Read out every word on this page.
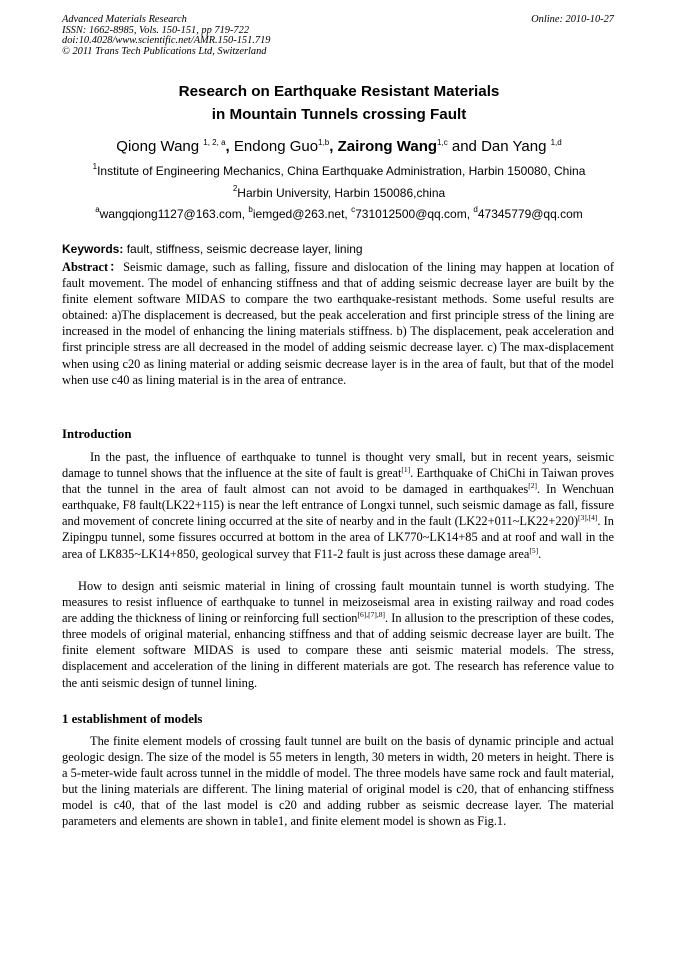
Advanced Materials Research
ISSN: 1662-8985, Vols. 150-151, pp 719-722
doi:10.4028/www.scientific.net/AMR.150-151.719
© 2011 Trans Tech Publications Ltd, Switzerland
Online: 2010-10-27
Research on Earthquake Resistant Materials
in Mountain Tunnels crossing Fault
Qiong Wang $^{1, 2, a}$, Endong Guo$^{1,b}$, Zairong Wang$^{1,c}$ and Dan Yang $^{1,d}$
$^1$Institute of Engineering Mechanics, China Earthquake Administration, Harbin 150080, China
$^2$Harbin University, Harbin 150086,china
$^a$wangqiong1127@163.com, $^b$iemged@263.net, $^c$731012500@qq.com, $^d$47345779@qq.com
Keywords: fault, stiffness, seismic decrease layer, lining
Abstract：Seismic damage, such as falling, fissure and dislocation of the lining may happen at location of fault movement. The model of enhancing stiffness and that of adding seismic decrease layer are built by the finite element software MIDAS to compare the two earthquake-resistant methods. Some useful results are obtained: a)The displacement is decreased, but the peak acceleration and first principle stress of the lining are increased in the model of enhancing the lining materials stiffness. b) The displacement, peak acceleration and first principle stress are all decreased in the model of adding seismic decrease layer. c) The max-displacement when using c20 as lining material or adding seismic decrease layer is in the area of fault, but that of the model when use c40 as lining material is in the area of entrance.
Introduction
In the past, the influence of earthquake to tunnel is thought very small, but in recent years, seismic damage to tunnel shows that the influence at the site of fault is great[1]. Earthquake of ChiChi in Taiwan proves that the tunnel in the area of fault almost can not avoid to be damaged in earthquakes[2]. In Wenchuan earthquake, F8 fault(LK22+115) is near the left entrance of Longxi tunnel, such seismic damage as fall, fissure and movement of concrete lining occurred at the site of nearby and in the fault (LK22+011~LK22+220)[3],[4]. In Zipingpu tunnel, some fissures occurred at bottom in the area of LK770~LK14+85 and at roof and wall in the area of LK835~LK14+850, geological survey that F11-2 fault is just across these damage area[5].
How to design anti seismic material in lining of crossing fault mountain tunnel is worth studying. The measures to resist influence of earthquake to tunnel in meizoseismal area in existing railway and road codes are adding the thickness of lining or reinforcing full section[6],[7],8]. In allusion to the prescription of these codes, three models of original material, enhancing stiffness and that of adding seismic decrease layer are built. The finite element software MIDAS is used to compare these anti seismic material models. The stress, displacement and acceleration of the lining in different materials are got. The research has reference value to the anti seismic design of tunnel lining.
1 establishment of models
The finite element models of crossing fault tunnel are built on the basis of dynamic principle and actual geologic design. The size of the model is 55 meters in length, 30 meters in width, 20 meters in height. There is a 5-meter-wide fault across tunnel in the middle of model. The three models have same rock and fault material, but the lining materials are different. The lining material of original model is c20, that of enhancing stiffness model is c40, that of the last model is c20 and adding rubber as seismic decrease layer. The material parameters and elements are shown in table1, and finite element model is shown as Fig.1.
